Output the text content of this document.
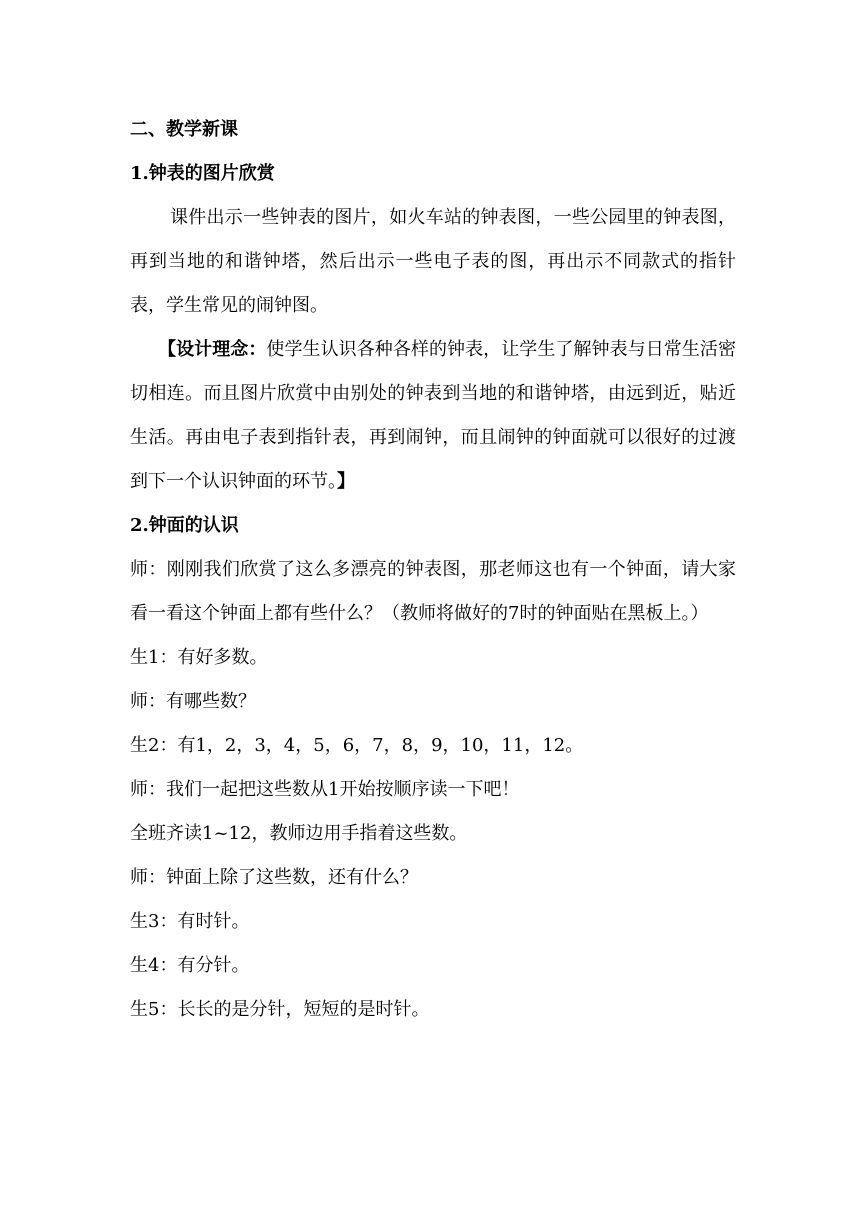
二、教学新课

1.钟表的图片欣赏

课件出示一些钟表的图片，如火车站的钟表图，一些公园里的钟表图，再到当地的和谐钟塔，然后出示一些电子表的图，再出示不同款式的指针表，学生常见的闹钟图。

【设计理念：使学生认识各种各样的钟表，让学生了解钟表与日常生活密切相连。而且图片欣赏中由别处的钟表到当地的和谐钟塔，由远到近，贴近生活。再由电子表到指针表，再到闹钟，而且闹钟的钟面就可以很好的过渡到下一个认识钟面的环节。】

2.钟面的认识

师：刚刚我们欣赏了这么多漂亮的钟表图，那老师这也有一个钟面，请大家看一看这个钟面上都有些什么？（教师将做好的7时的钟面贴在黑板上。）

生1：有好多数。

师：有哪些数？

生2：有1，2，3，4，5，6，7，8，9，10，11，12。

师：我们一起把这些数从1开始按顺序读一下吧！

全班齐读1~12，教师边用手指着这些数。

师：钟面上除了这些数，还有什么？

生3：有时针。

生4：有分针。

生5：长长的是分针，短短的是时针。
